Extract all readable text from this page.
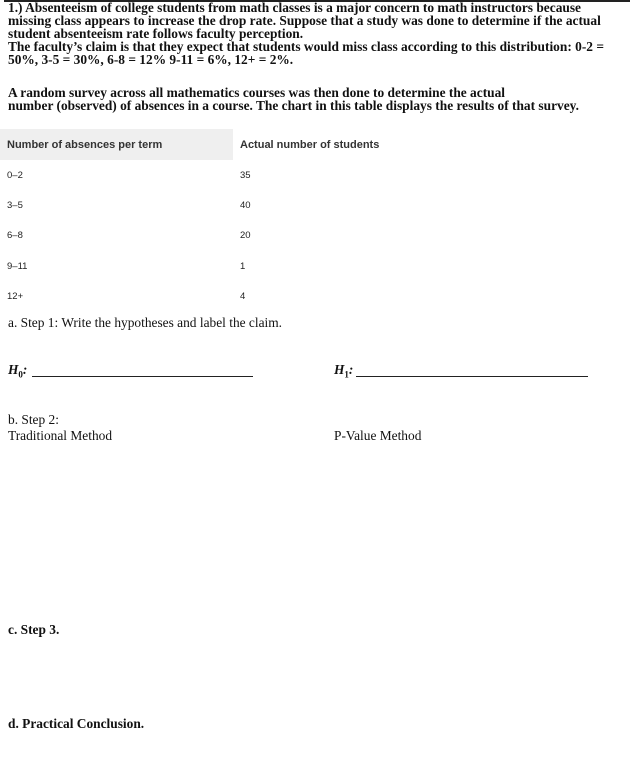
1.) Absenteeism of college students from math classes is a major concern to math instructors because

missing class appears to increase the drop rate. Suppose that a study was done to determine if the actual

student absenteeism rate follows faculty perception.

The faculty’s claim is that they expect that students would miss class according to this distribution: 0-2 =

50%, 3-5 = 30%, 6-8 = 12% 9-11 = 6%, 12+ = 2%.

A random survey across all mathematics courses was then done to determine the actual

number (observed) of absences in a course. The chart in this table displays the results of that survey.

Number of absences per term	Actual number of students
0–2	35
3–5	40
6–8	20
9–11	1
12+	4
a. Step 1: Write the hypotheses and label the claim.
$H_0$:	$H_1$:
b. Step 2:
Traditional Method	P-Value Method
c. Step 3.
d. Practical Conclusion.
